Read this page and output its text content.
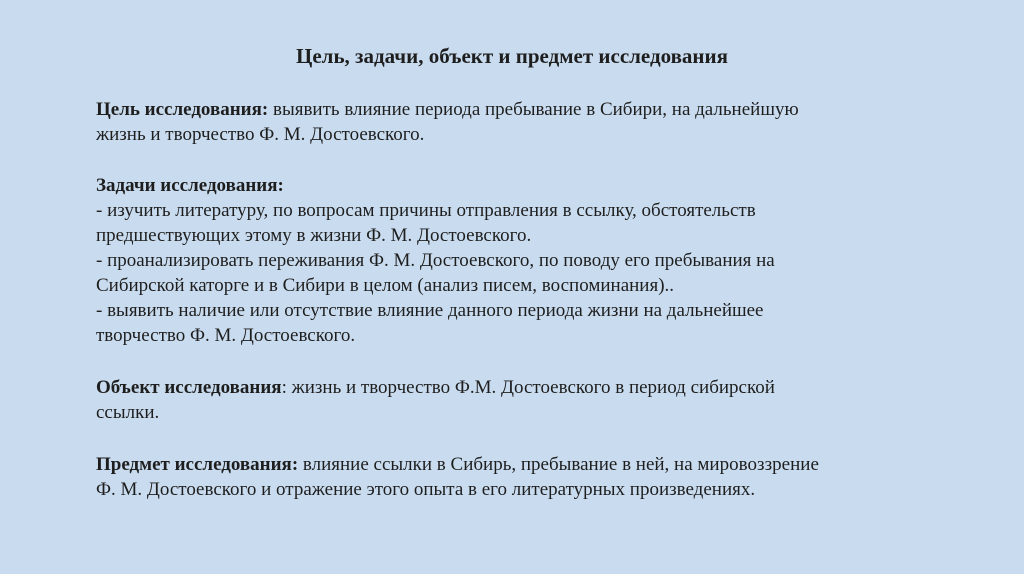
Цель, задачи, объект и предмет исследования
Цель исследования: выявить влияние периода пребывание в Сибири, на дальнейшую
жизнь и творчество Ф. М. Достоевского.
Задачи исследования:
- изучить литературу, по вопросам причины отправления в ссылку, обстоятельств
предшествующих этому в жизни Ф. М. Достоевского.
- проанализировать переживания Ф. М. Достоевского, по поводу его пребывания на
Сибирской каторге и в Сибири в целом (анализ писем, воспоминания)..
- выявить наличие или отсутствие влияние данного периода жизни на дальнейшее
творчество Ф. М. Достоевского.
Объект исследования: жизнь и творчество Ф.М. Достоевского в период сибирской
ссылки.
Предмет исследования: влияние ссылки в Сибирь, пребывание в ней, на мировоззрение
Ф. М. Достоевского и отражение этого опыта в его литературных произведениях.
